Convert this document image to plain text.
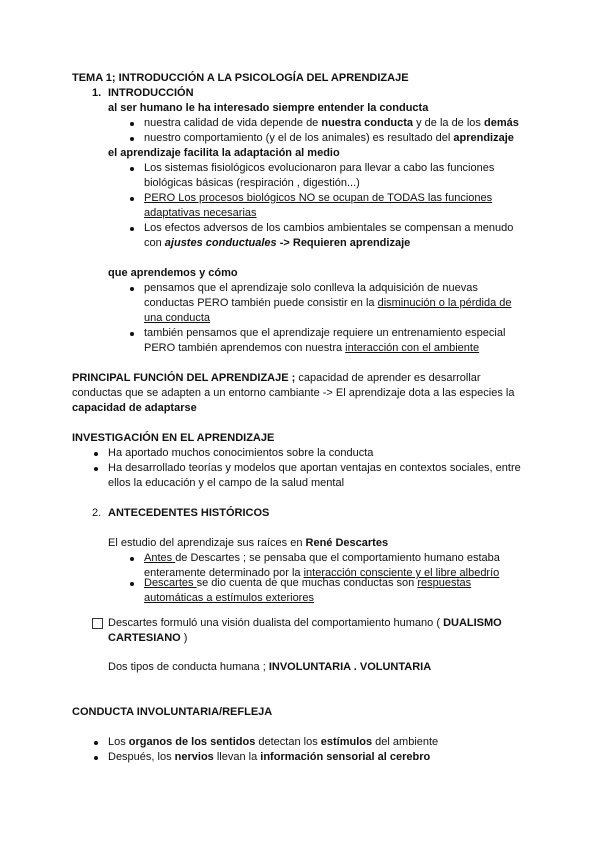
TEMA 1; INTRODUCCIÓN A LA PSICOLOGÍA DEL APRENDIZAJE
1. INTRODUCCIÓN
al ser humano le ha interesado siempre entender la conducta
nuestra calidad de vida depende de nuestra conducta y de la de los demás
nuestro comportamiento (y el de los animales) es resultado del aprendizaje
el aprendizaje facilita la adaptación al medio
Los sistemas fisiológicos evolucionaron para llevar a cabo las funciones
biológicas básicas (respiración , digestión...)
PERO Los procesos biológicos NO se ocupan de TODAS las funciones
adaptativas necesarias
Los efectos adversos de los cambios ambientales se compensan a menudo
con ajustes conductuales -> Requieren aprendizaje
que aprendemos y cómo
pensamos que el aprendizaje solo conlleva la adquisición de nuevas
conductas PERO también puede consistir en la disminución o la pérdida de
una conducta
también pensamos que el aprendizaje requiere un entrenamiento especial
PERO también aprendemos con nuestra interacción con el ambiente
PRINCIPAL FUNCIÓN DEL APRENDIZAJE ; capacidad de aprender es desarrollar
conductas que se adapten a un entorno cambiante -> El aprendizaje dota a las especies la
capacidad de adaptarse
INVESTIGACIÓN EN EL APRENDIZAJE
Ha aportado muchos conocimientos sobre la conducta
Ha desarrollado teorías y modelos que aportan ventajas en contextos sociales, entre
ellos la educación y el campo de la salud mental
2. ANTECEDENTES HISTÓRICOS
El estudio del aprendizaje sus raíces en René Descartes
Antes de Descartes ; se pensaba que el comportamiento humano estaba
enteramente determinado por la interacción consciente y el libre albedrío
Descartes se dio cuenta de que muchas conductas son respuestas
automáticas a estímulos exteriores
Descartes formuló una visión dualista del comportamiento humano ( DUALISMO
CARTESIANO )
Dos tipos de conducta humana ; INVOLUNTARIA . VOLUNTARIA
CONDUCTA INVOLUNTARIA/REFLEJA
Los organos de los sentidos detectan los estímulos del ambiente
Después, los nervios llevan la información sensorial al cerebro
